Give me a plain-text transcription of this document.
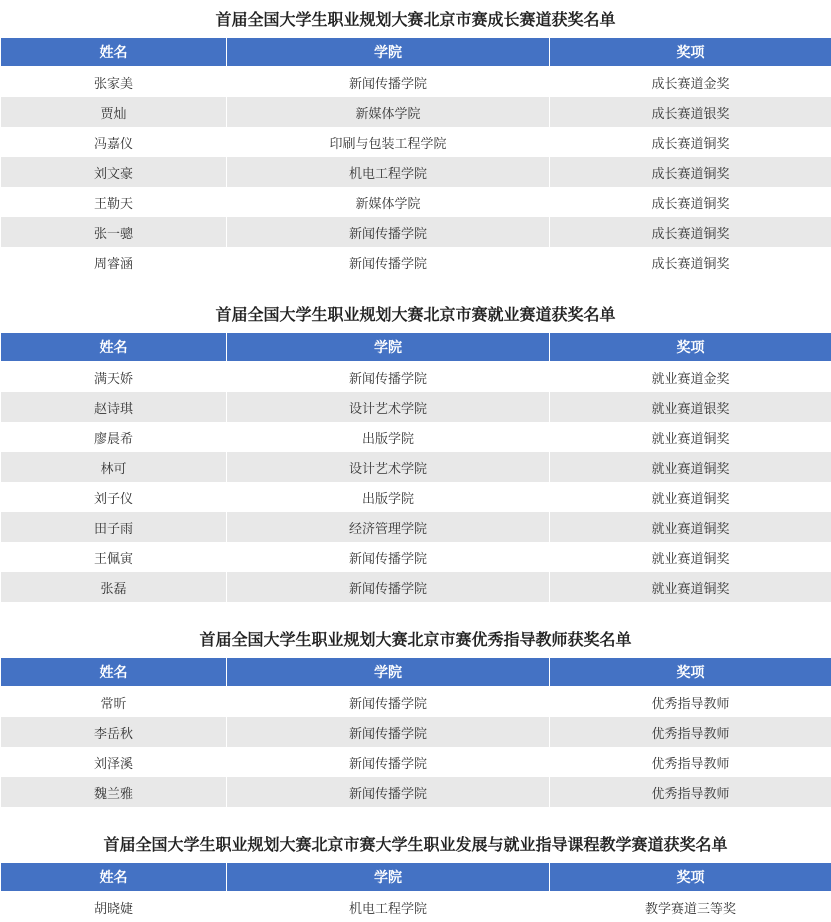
首届全国大学生职业规划大赛北京市赛成长赛道获奖名单
姓名	学院	奖项
张家美	新闻传播学院	成长赛道金奖
贾灿	新媒体学院	成长赛道银奖
冯嘉仪	印刷与包装工程学院	成长赛道铜奖
刘文豪	机电工程学院	成长赛道铜奖
王勒天	新媒体学院	成长赛道铜奖
张一骢	新闻传播学院	成长赛道铜奖
周睿涵	新闻传播学院	成长赛道铜奖
首届全国大学生职业规划大赛北京市赛就业赛道获奖名单
姓名	学院	奖项
满天娇	新闻传播学院	就业赛道金奖
赵诗琪	设计艺术学院	就业赛道银奖
廖晨希	出版学院	就业赛道铜奖
林可	设计艺术学院	就业赛道铜奖
刘子仪	出版学院	就业赛道铜奖
田子雨	经济管理学院	就业赛道铜奖
王佩寅	新闻传播学院	就业赛道铜奖
张磊	新闻传播学院	就业赛道铜奖
首届全国大学生职业规划大赛北京市赛优秀指导教师获奖名单
姓名	学院	奖项
常昕	新闻传播学院	优秀指导教师
李岳秋	新闻传播学院	优秀指导教师
刘泽溪	新闻传播学院	优秀指导教师
魏兰雅	新闻传播学院	优秀指导教师
首届全国大学生职业规划大赛北京市赛大学生职业发展与就业指导课程教学赛道获奖名单
姓名	学院	奖项
胡晓婕	机电工程学院	教学赛道三等奖
